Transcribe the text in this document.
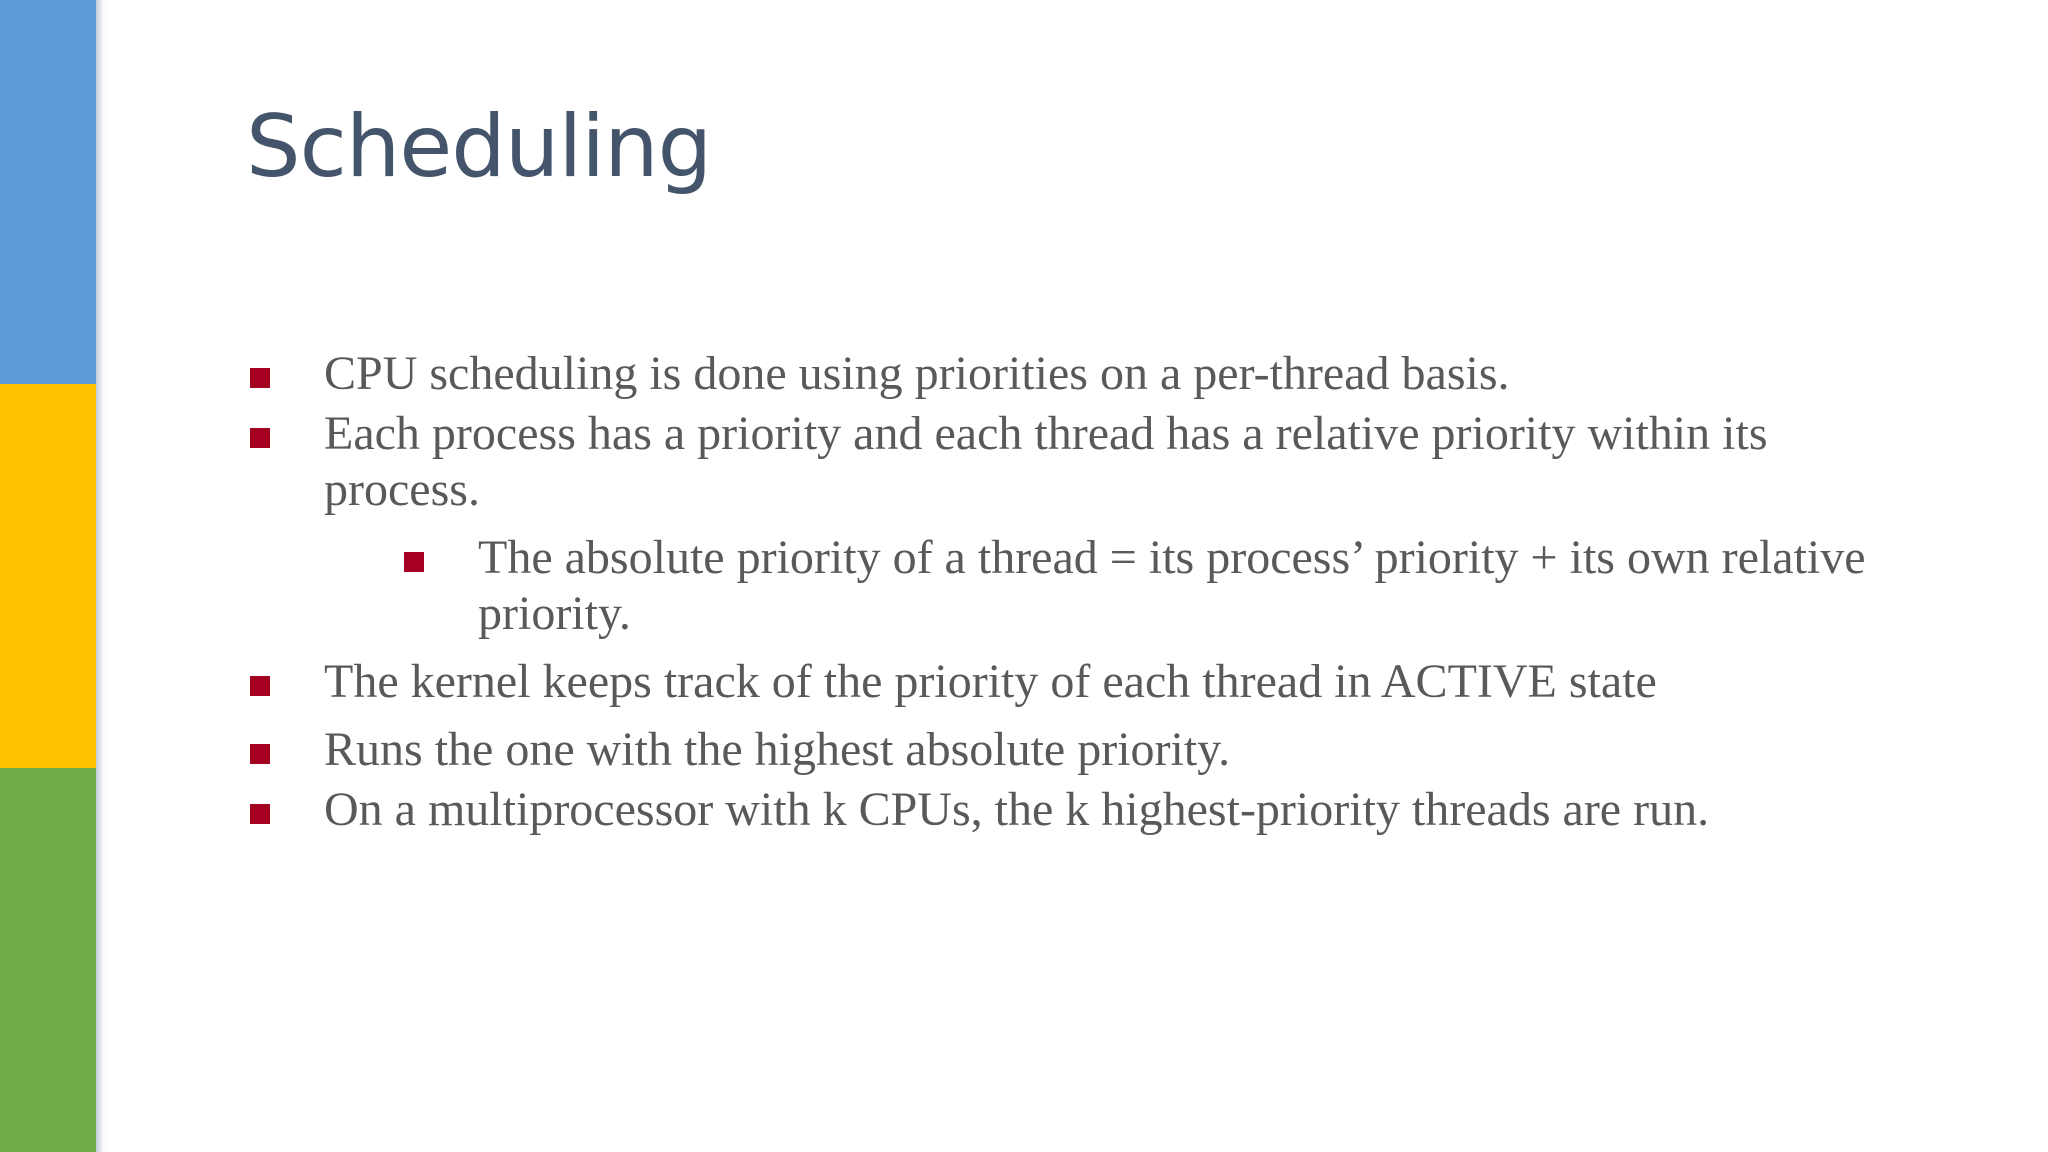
Scheduling
CPU scheduling is done using priorities on a per-thread basis.
Each process has a priority and each thread has a relative priority within its process.
The absolute priority of a thread = its process’ priority + its own relative priority.
The kernel keeps track of the priority of each thread in ACTIVE state
Runs the one with the highest absolute priority.
On a multiprocessor with k CPUs, the k highest-priority threads are run.
